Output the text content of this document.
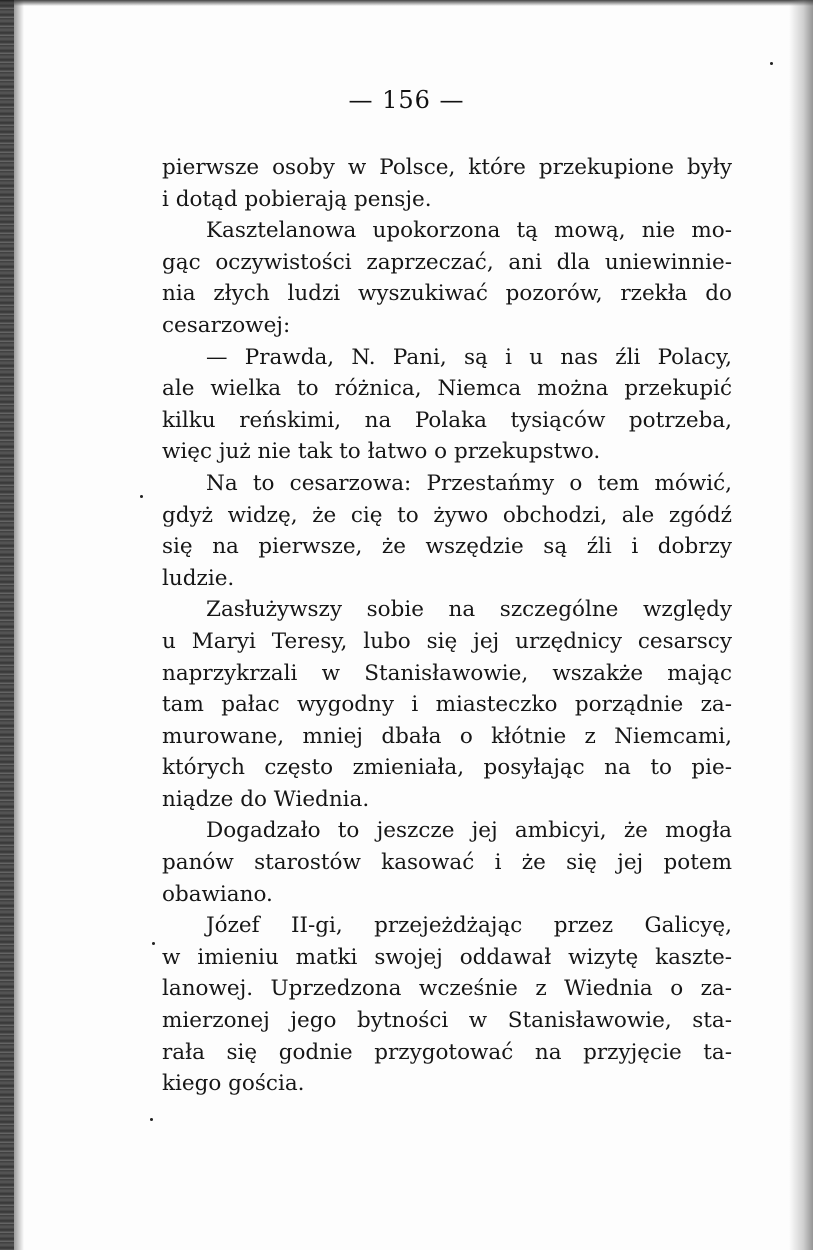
— 156 —
pierwsze osoby w Polsce, które przekupione były
i dotąd pobierają pensje.
Kasztelanowa upokorzona tą mową, nie mo-
gąc oczywistości zaprzeczać, ani dla uniewinnie-
nia złych ludzi wyszukiwać pozorów, rzekła do
cesarzowej:
— Prawda, N. Pani, są i u nas źli Polacy,
ale wielka to różnica, Niemca można przekupić
kilku reńskimi, na Polaka tysiąców potrzeba,
więc już nie tak to łatwo o przekupstwo.
Na to cesarzowa: Przestańmy o tem mówić,
gdyż widzę, że cię to żywo obchodzi, ale zgódź
się na pierwsze, że wszędzie są źli i dobrzy
ludzie.
Zasłużywszy sobie na szczególne względy
u Maryi Teresy, lubo się jej urzędnicy cesarscy
naprzykrzali w Stanisławowie, wszakże mając
tam pałac wygodny i miasteczko porządnie za-
murowane, mniej dbała o kłótnie z Niemcami,
których często zmieniała, posyłając na to pie-
niądze do Wiednia.
Dogadzało to jeszcze jej ambicyi, że mogła
panów starostów kasować i że się jej potem
obawiano.
Józef II-gi, przejeżdżając przez Galicyę,
w imieniu matki swojej oddawał wizytę kaszte-
lanowej. Uprzedzona wcześnie z Wiednia o za-
mierzonej jego bytności w Stanisławowie, sta-
rała się godnie przygotować na przyjęcie ta-
kiego gościa.
